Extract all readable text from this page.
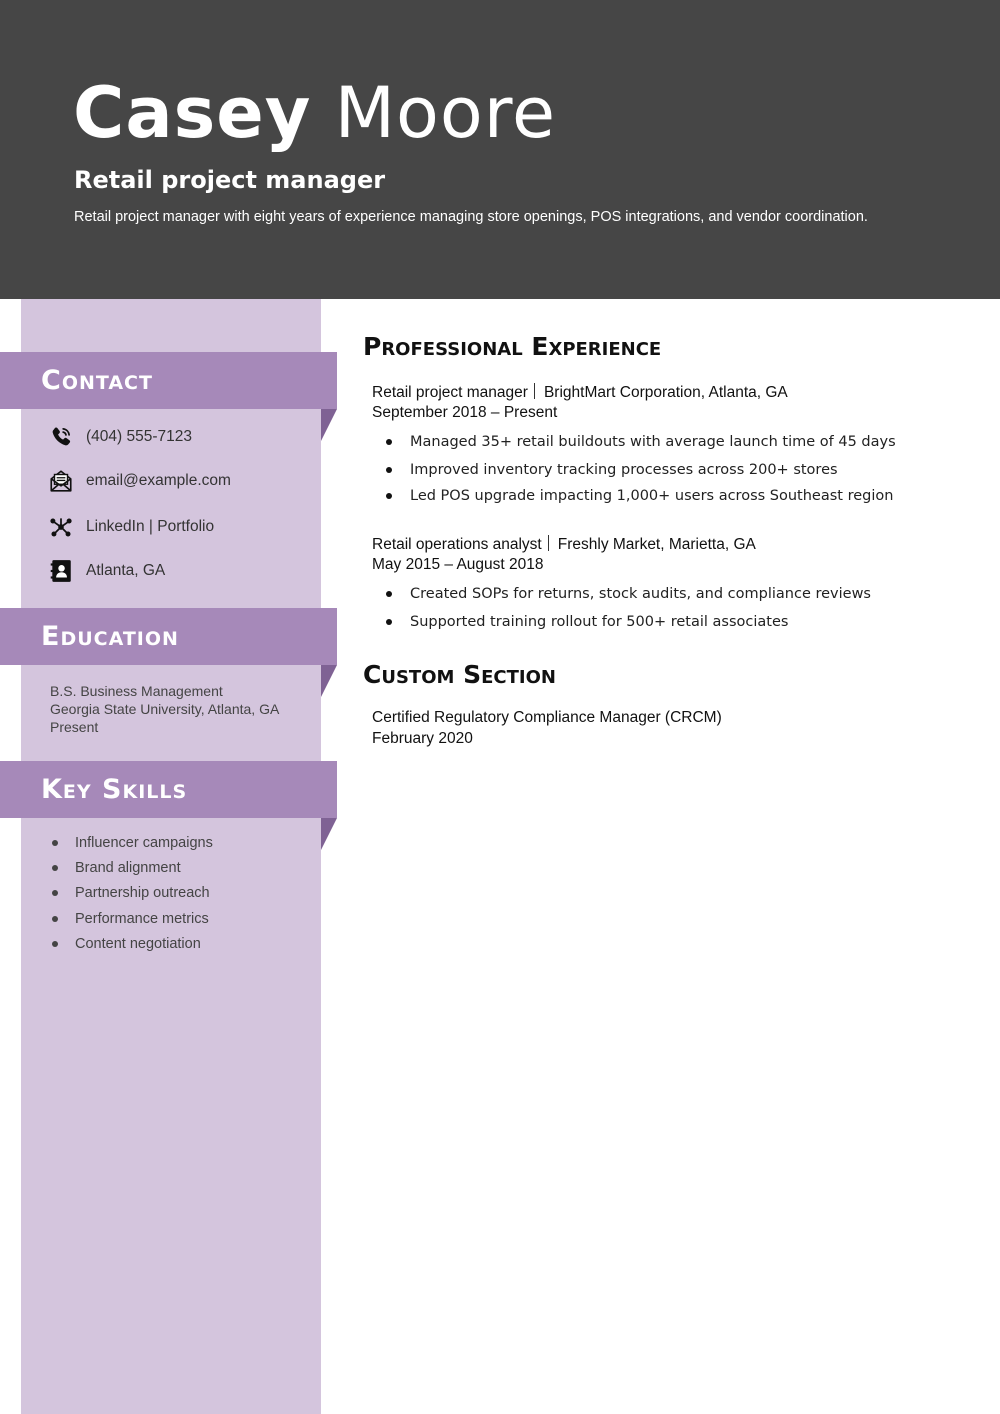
Casey Moore
Retail project manager
Retail project manager with eight years of experience managing store openings, POS integrations, and vendor coordination.
Contact
(404) 555-7123
email@example.com
LinkedIn | Portfolio
Atlanta, GA
Education
B.S. Business Management
Georgia State University, Atlanta, GA
Present
Key Skills
Influencer campaigns
Brand alignment
Partnership outreach
Performance metrics
Content negotiation
Professional Experience
Retail project manager BrightMart Corporation, Atlanta, GA
September 2018 – Present
Managed 35+ retail buildouts with average launch time of 45 days
Improved inventory tracking processes across 200+ stores
Led POS upgrade impacting 1,000+ users across Southeast region
Retail operations analyst Freshly Market, Marietta, GA
May 2015 – August 2018
Created SOPs for returns, stock audits, and compliance reviews
Supported training rollout for 500+ retail associates
Custom Section
Certified Regulatory Compliance Manager (CRCM)
February 2020
